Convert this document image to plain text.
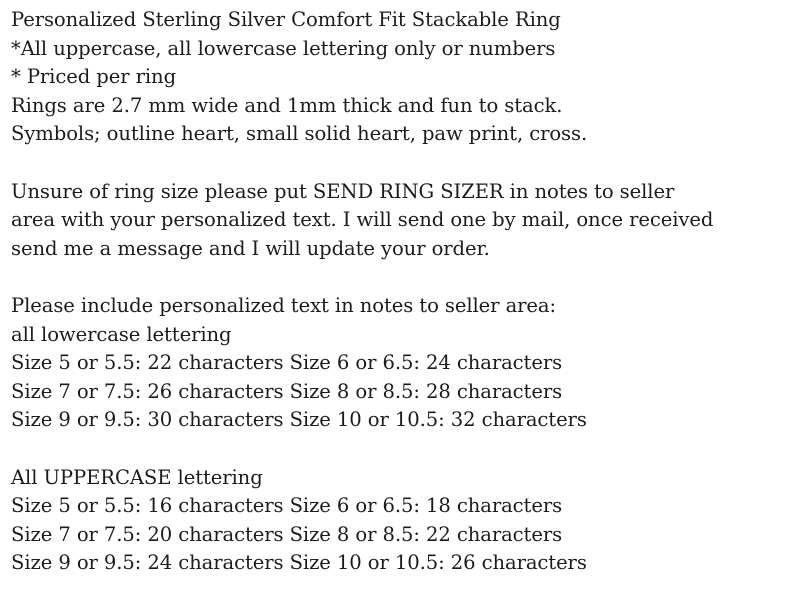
Personalized Sterling Silver Comfort Fit Stackable Ring
*All uppercase, all lowercase lettering only or numbers
* Priced per ring
Rings are 2.7 mm wide and 1mm thick and fun to stack.
Symbols; outline heart, small solid heart, paw print, cross.
Unsure of ring size please put SEND RING SIZER in notes to seller
area with your personalized text. I will send one by mail, once received
send me a message and I will update your order.
Please include personalized text in notes to seller area:
all lowercase lettering
Size 5 or 5.5: 22 characters Size 6 or 6.5: 24 characters
Size 7 or 7.5: 26 characters Size 8 or 8.5: 28 characters
Size 9 or 9.5: 30 characters Size 10 or 10.5: 32 characters
All UPPERCASE lettering
Size 5 or 5.5: 16 characters Size 6 or 6.5: 18 characters
Size 7 or 7.5: 20 characters Size 8 or 8.5: 22 characters
Size 9 or 9.5: 24 characters Size 10 or 10.5: 26 characters
